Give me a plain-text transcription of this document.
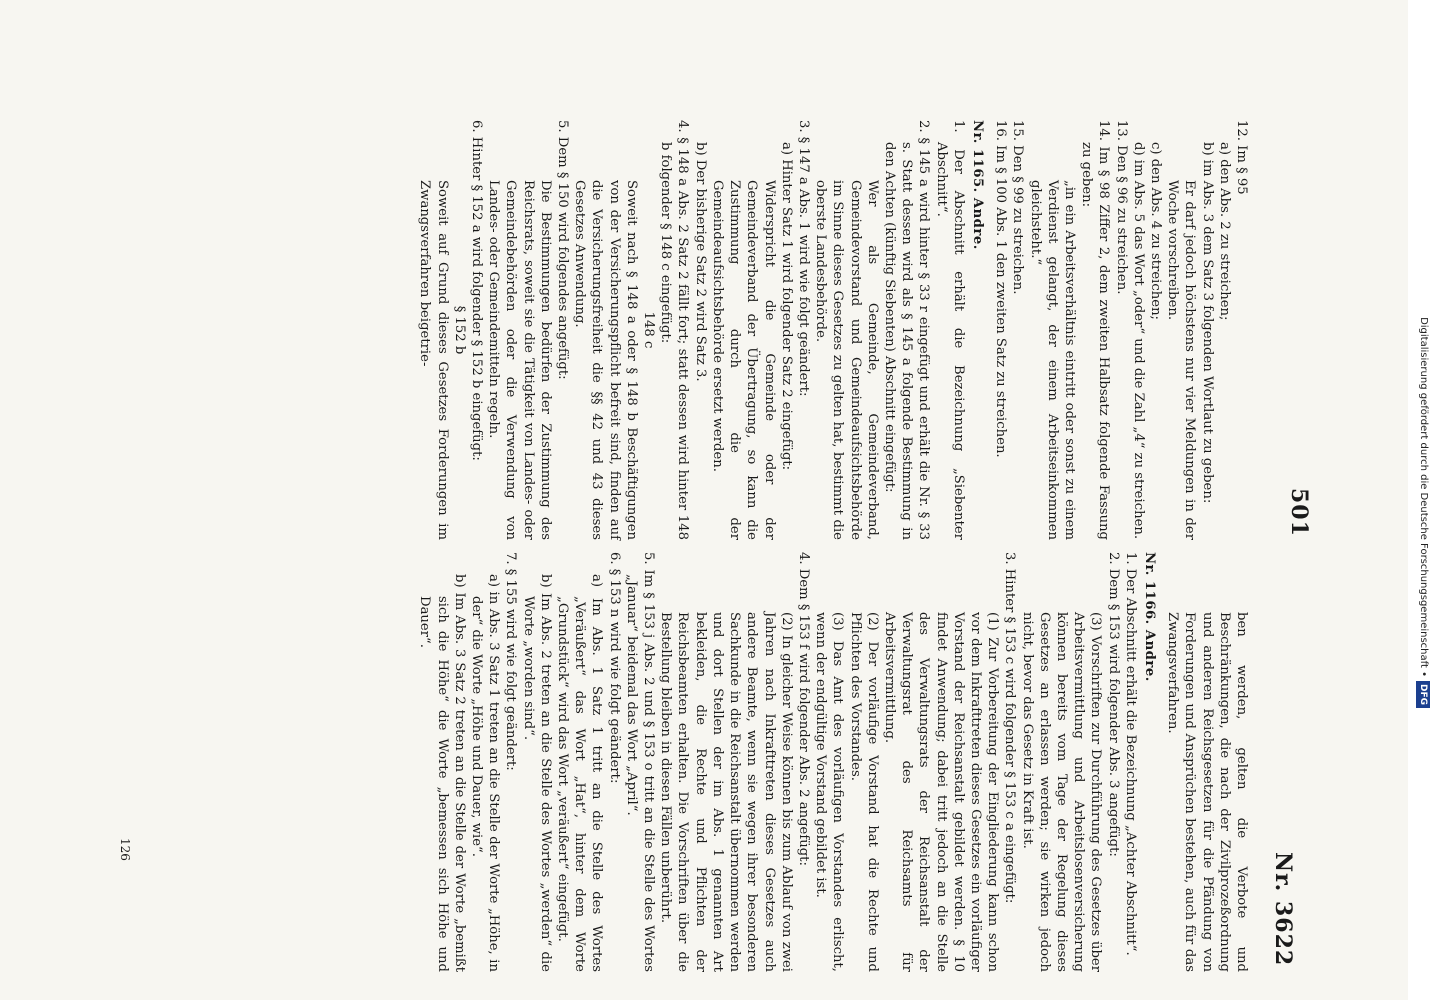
501
Nr. 3622

12. Im § 95

a) den Abs. 2 zu streichen;

b) im Abs. 3 dem Satz 3 folgenden Wortlaut zu geben:

Er darf jedoch höchstens nur vier Meldungen in der Woche vorschreiben.

c) den Abs. 4 zu streichen;

d) im Abs. 5 das Wort „oder“ und die Zahl „4“ zu streichen.

13. Den § 96 zu streichen.

14. Im § 98 Ziffer 2, dem zweiten Halbsatz folgende Fassung zu geben:

„in ein Arbeitsverhältnis eintritt oder sonst zu einem Verdienst gelangt, der einem Arbeitseinkommen gleichsteht.“

15. Den § 99 zu streichen.

16. Im § 100 Abs. 1 den zweiten Satz zu streichen.

Nr. 1165. Andre.

1. Der Abschnitt erhält die Bezeichnung „Siebenter Abschnitt“.

2. § 145 a wird hinter § 33 r eingefügt und erhält die Nr. § 33 s. Statt dessen wird als § 145 a folgende Bestimmung in den Achten (künftig Siebenten) Abschnitt eingefügt:

Wer als Gemeinde, Gemeindeverband, Gemeindevorstand und Gemeindeaufsichtsbehörde im Sinne dieses Gesetzes zu gelten hat, bestimmt die oberste Landesbehörde.

3. § 147 a Abs. 1 wird wie folgt geändert:

a) Hinter Satz 1 wird folgender Satz 2 eingefügt:

Widerspricht die Gemeinde oder der Gemeindeverband der Übertragung, so kann die Zustimmung durch die der Gemeindeaufsichtsbehörde ersetzt werden.

b) Der bisherige Satz 2 wird Satz 3.

4. § 148 a Abs. 2 Satz 2 fällt fort; statt dessen wird hinter 148 b folgender § 148 c eingefügt:

148 c

Soweit nach § 148 a oder § 148 b Beschäftigungen von der Versicherungspflicht befreit sind, finden auf die Versicherungsfreiheit die §§ 42 und 43 dieses Gesetzes Anwendung.

5. Dem § 150 wird folgendes angefügt:

Die Bestimmungen bedürfen der Zustimmung des Reichsrats, soweit sie die Tätigkeit von Landes- oder Gemeindebehörden oder die Verwendung von Landes- oder Gemeindemitteln regeln.

6. Hinter § 152 a wird folgender § 152 b eingefügt:

§ 152 b

Soweit auf Grund dieses Gesetzes Forderungen im Zwangsverfahren beigetrie-

ben werden, gelten die Verbote und Beschränkungen, die nach der Zivilprozeßordnung und anderen Reichsgesetzen für die Pfändung von Forderungen und Ansprüchen bestehen, auch für das Zwangsverfahren.

Nr. 1166. Andre.

1. Der Abschnitt erhält die Bezeichnung „Achter Abschnitt“.

2. Dem § 153 wird folgender Abs. 3 angefügt:

(3) Vorschriften zur Durchführung des Gesetzes über Arbeitsvermittlung und Arbeitslosenversicherung können bereits vom Tage der Regelung dieses Gesetzes an erlassen werden; sie wirken jedoch nicht, bevor das Gesetz in Kraft ist.

3. Hinter § 153 c wird folgender § 153 c a eingefügt:

(1) Zur Vorbereitung der Eingliederung kann schon vor dem Inkrafttreten dieses Gesetzes ein vorläufiger Vorstand der Reichsanstalt gebildet werden. § 10 findet Anwendung; dabei tritt jedoch an die Stelle des Verwaltungsrats der Reichsanstalt der Verwaltungsrat des Reichsamts für Arbeitsvermittlung.

(2) Der vorläufige Vorstand hat die Rechte und Pflichten des Vorstandes.

(3) Das Amt des vorläufigen Vorstandes erlischt, wenn der endgültige Vorstand gebildet ist.

4. Dem § 153 f wird folgender Abs. 2 angefügt:

(2) In gleicher Weise können bis zum Ablauf von zwei Jahren nach Inkrafttreten dieses Gesetzes auch andere Beamte, wenn sie wegen ihrer besonderen Sachkunde in die Reichsanstalt übernommen werden und dort Stellen der im Abs. 1 genannten Art bekleiden, die Rechte und Pflichten der Reichsbeamten erhalten. Die Vorschriften über die Bestellung bleiben in diesen Fällen unberührt.

5. Im § 153 j Abs. 2 und § 153 o tritt an die Stelle des Wortes „Januar“ beidemal das Wort „April“.

6. § 153 n wird wie folgt geändert:

a) Im Abs. 1 Satz 1 tritt an die Stelle des Wortes „Veräußert“ das Wort „Hat“, hinter dem Worte „Grundstück“ wird das Wort „veräußert“ eingefügt.

b) Im Abs. 2 treten an die Stelle des Wortes „werden“ die Worte „worden sind“.

7. § 155 wird wie folgt geändert:

a) in Abs. 3 Satz 1 treten an die Stelle der Worte „Höhe, in der“ die Worte „Höhe und Dauer, wie“.

b) Im Abs. 3 Satz 2 treten an die Stelle der Worte „bemißt sich die Höhe“ die Worte „bemessen sich Höhe und Dauer“.

126
Digitalisierung gefördert durch die Deutsche Forschungsgemeinschaft •DFG
